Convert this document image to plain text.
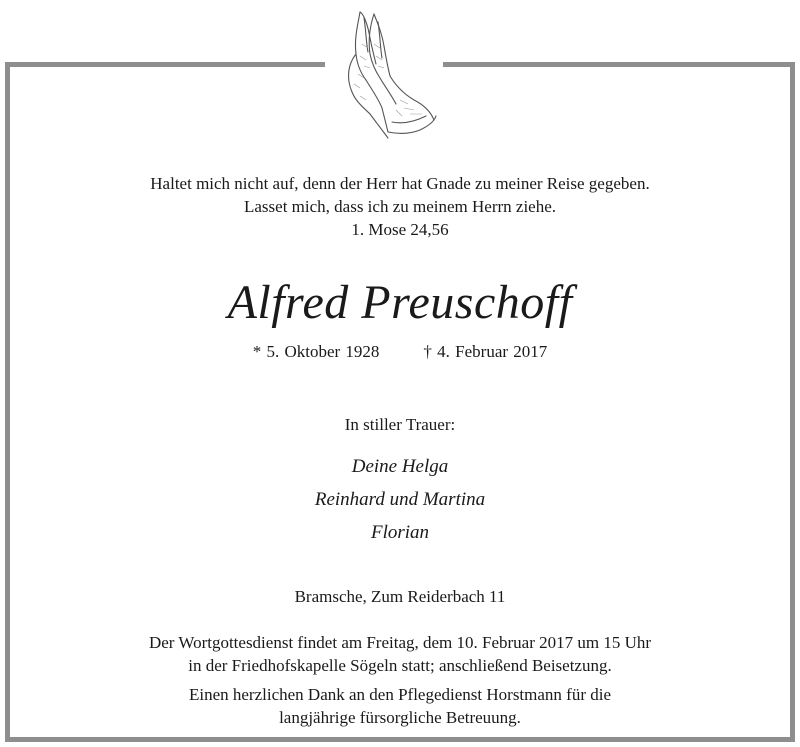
Haltet mich nicht auf, denn der Herr hat Gnade zu meiner Reise gegeben.
Lasset mich, dass ich zu meinem Herrn ziehe.
1. Mose 24,56
Alfred Preuschoff
* 5. Oktober 1928	† 4. Februar 2017
In stiller Trauer:
Deine Helga
Reinhard und Martina
Florian
Bramsche, Zum Reiderbach 11
Der Wortgottesdienst findet am Freitag, dem 10. Februar 2017 um 15 Uhr
in der Friedhofskapelle Sögeln statt; anschließend Beisetzung.
Einen herzlichen Dank an den Pflegedienst Horstmann für die
langjährige fürsorgliche Betreuung.
